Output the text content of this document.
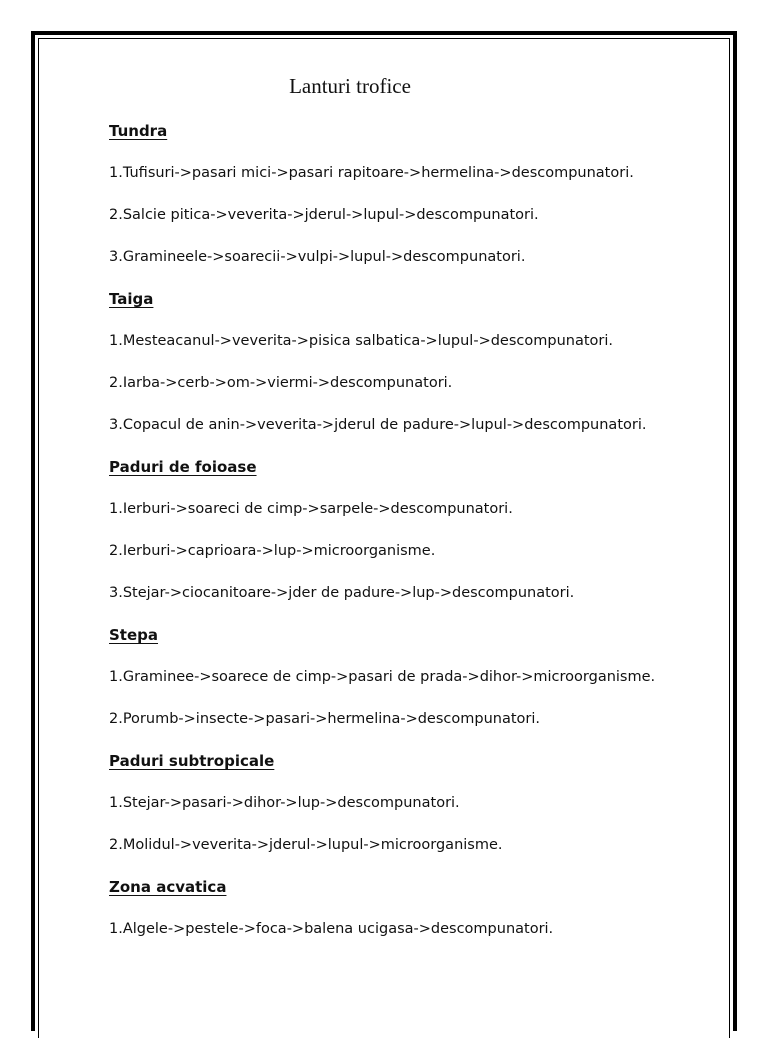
Lanturi trofice
Tundra
1.Tufisuri->pasari mici->pasari rapitoare->hermelina->descompunatori.
2.Salcie pitica->veverita->jderul->lupul->descompunatori.
3.Gramineele->soarecii->vulpi->lupul->descompunatori.
Taiga
1.Mesteacanul->veverita->pisica salbatica->lupul->descompunatori.
2.Iarba->cerb->om->viermi->descompunatori.
3.Copacul de anin->veverita->jderul de padure->lupul->descompunatori.
Paduri de foioase
1.Ierburi->soareci de cimp->sarpele->descompunatori.
2.Ierburi->caprioara->lup->microorganisme.
3.Stejar->ciocanitoare->jder de padure->lup->descompunatori.
Stepa
1.Graminee->soarece de cimp->pasari de prada->dihor->microorganisme.
2.Porumb->insecte->pasari->hermelina->descompunatori.
Paduri subtropicale
1.Stejar->pasari->dihor->lup->descompunatori.
2.Molidul->veverita->jderul->lupul->microorganisme.
Zona acvatica
1.Algele->pestele->foca->balena ucigasa->descompunatori.
